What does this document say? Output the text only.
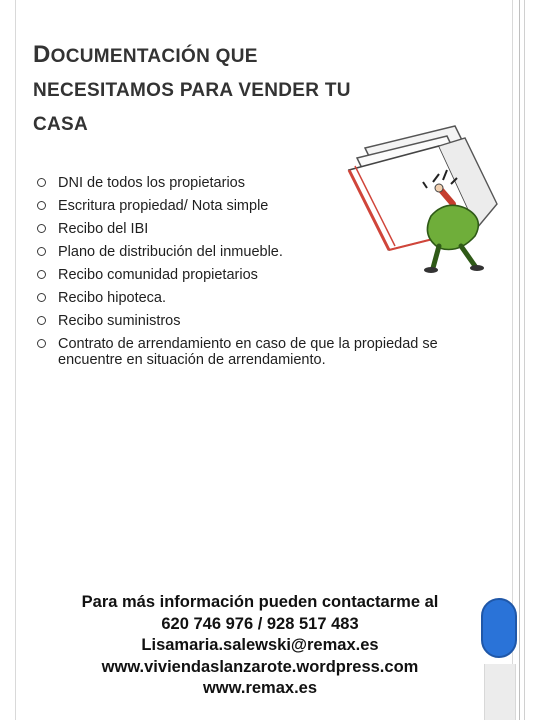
DOCUMENTACIÓN QUE
NECESITAMOS PARA VENDER TU
CASA
DNI de todos los propietarios
Escritura propiedad/ Nota simple
Recibo del IBI
Plano de distribución del inmueble.
Recibo comunidad propietarios
Recibo hipoteca.
Recibo suministros
Contrato de arrendamiento en caso de que la propiedad se encuentre en situación de arrendamiento.
Para más información pueden contactarme al
620 746 976 / 928 517 483
Lisamaria.salewski@remax.es
www.viviendaslanzarote.wordpress.com
www.remax.es
